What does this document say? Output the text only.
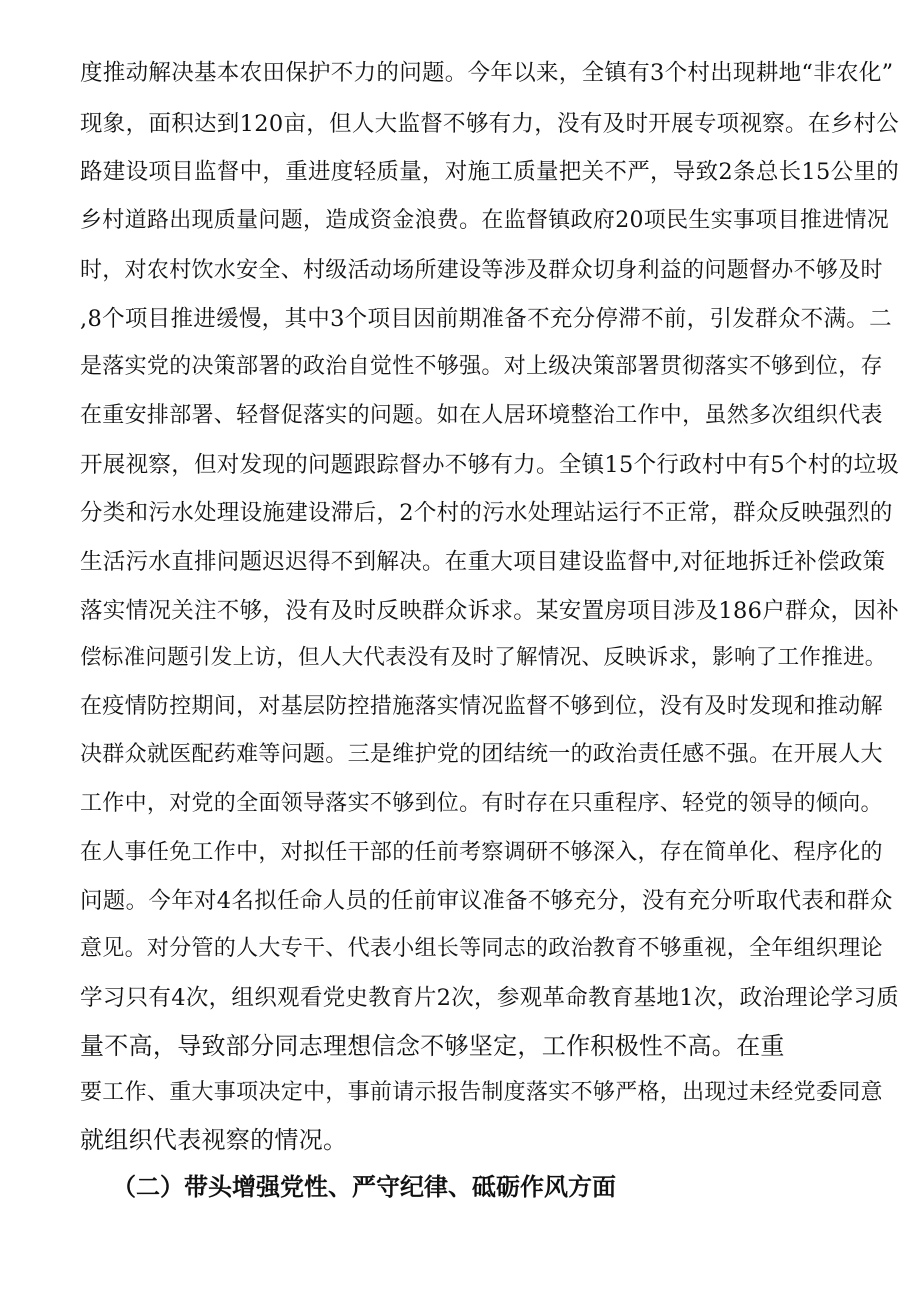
度推动解决基本农田保护不力的问题。今年以来，全镇有3个村出现耕地“非农化”
现象，面积达到120亩，但人大监督不够有力，没有及时开展专项视察。在乡村公
路建设项目监督中，重进度轻质量，对施工质量把关不严，导致2条总长15公里的
乡村道路出现质量问题，造成资金浪费。在监督镇政府20项民生实事项目推进情况
时，对农村饮水安全、村级活动场所建设等涉及群众切身利益的问题督办不够及时
,8个项目推进缓慢，其中3个项目因前期准备不充分停滞不前，引发群众不满。二
是落实党的决策部署的政治自觉性不够强。对上级决策部署贯彻落实不够到位，存
在重安排部署、轻督促落实的问题。如在人居环境整治工作中，虽然多次组织代表
开展视察，但对发现的问题跟踪督办不够有力。全镇15个行政村中有5个村的垃圾
分类和污水处理设施建设滞后，2个村的污水处理站运行不正常，群众反映强烈的
生活污水直排问题迟迟得不到解决。在重大项目建设监督中,对征地拆迁补偿政策
落实情况关注不够，没有及时反映群众诉求。某安置房项目涉及186户群众，因补
偿标准问题引发上访，但人大代表没有及时了解情况、反映诉求，影响了工作推进。
在疫情防控期间，对基层防控措施落实情况监督不够到位，没有及时发现和推动解
决群众就医配药难等问题。三是维护党的团结统一的政治责任感不强。在开展人大
工作中，对党的全面领导落实不够到位。有时存在只重程序、轻党的领导的倾向。
在人事任免工作中，对拟任干部的任前考察调研不够深入，存在简单化、程序化的
问题。今年对4名拟任命人员的任前审议准备不够充分，没有充分听取代表和群众
意见。对分管的人大专干、代表小组长等同志的政治教育不够重视，全年组织理论
学习只有4次，组织观看党史教育片2次，参观革命教育基地1次，政治理论学习质
量不高，导致部分同志理想信念不够坚定，工作积极性不高。在重
要工作、重大事项决定中，事前请示报告制度落实不够严格，出现过未经党委同意
就组织代表视察的情况。
（二）带头增强党性、严守纪律、砥砺作风方面
